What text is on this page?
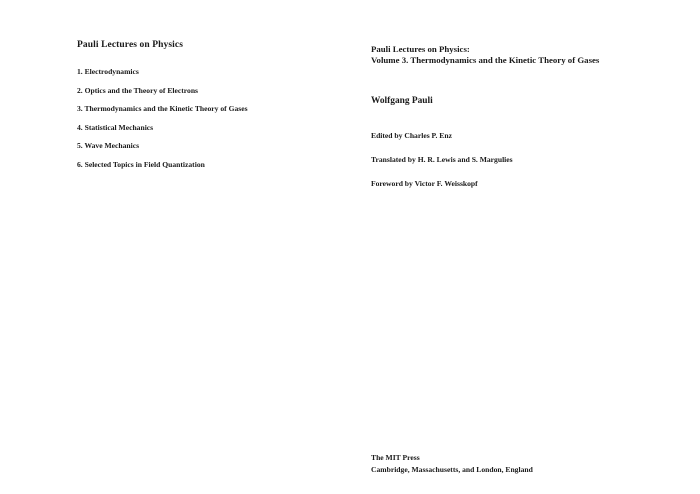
Pauli Lectures on Physics
1. Electrodynamics
2. Optics and the Theory of Electrons
3. Thermodynamics and the Kinetic Theory of Gases
4. Statistical Mechanics
5. Wave Mechanics
6. Selected Topics in Field Quantization
Pauli Lectures on Physics:
Volume 3. Thermodynamics and the Kinetic Theory of Gases
Wolfgang Pauli
Edited by Charles P. Enz
Translated by H. R. Lewis and S. Margulies
Foreword by Victor F. Weisskopf
The MIT Press
Cambridge, Massachusetts, and London, England
